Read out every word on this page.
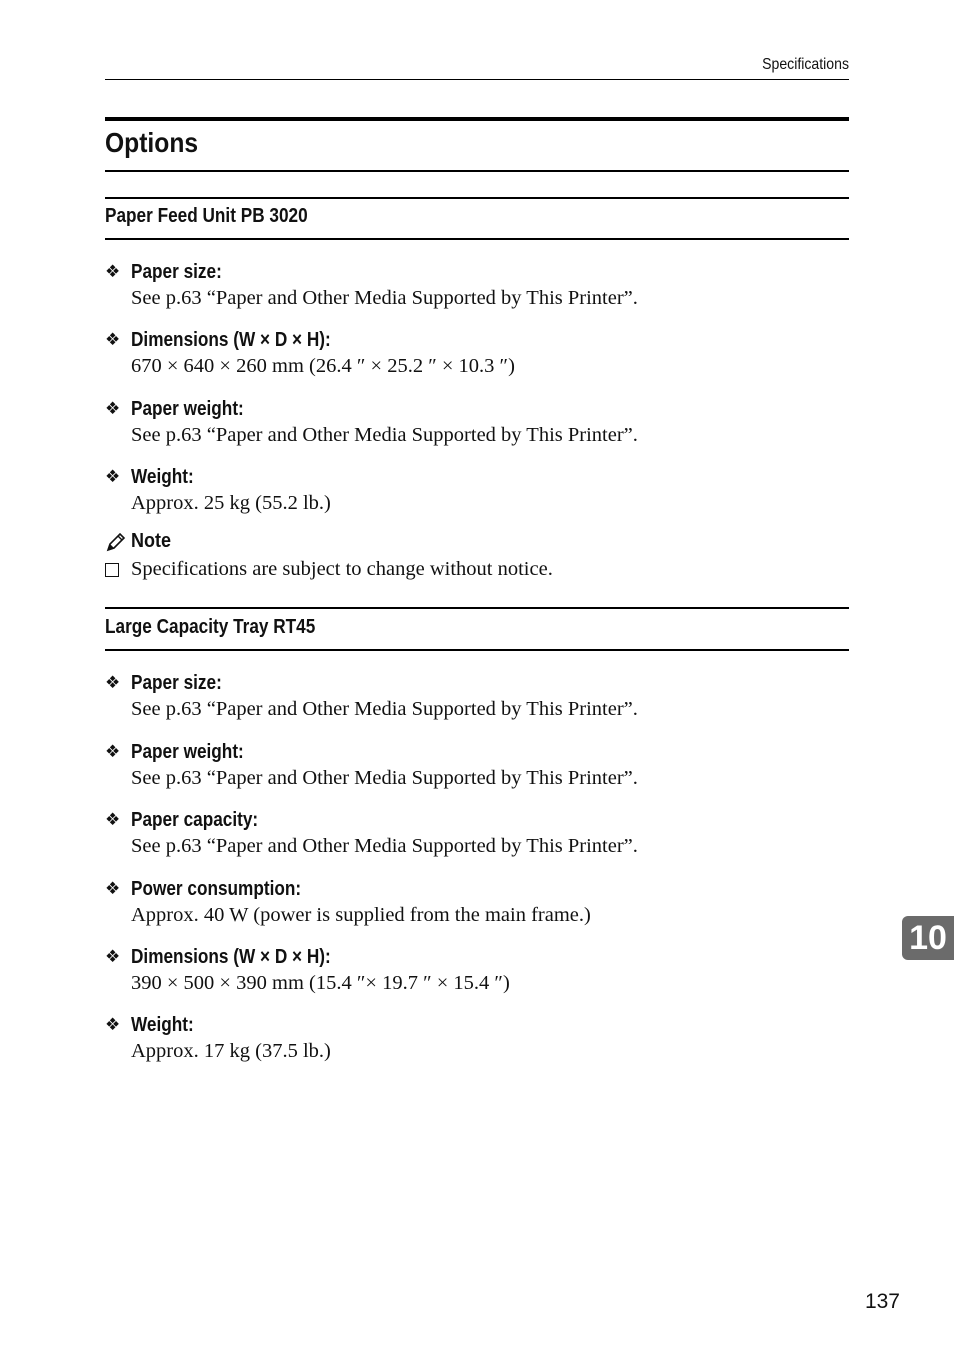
Specifications
Options
Paper Feed Unit PB 3020
❖ Paper size:
See p.63 “Paper and Other Media Supported by This Printer”.
❖ Dimensions (W × D × H):
670 × 640 × 260 mm (26.4 ″ × 25.2 ″ × 10.3 ″)
❖ Paper weight:
See p.63 “Paper and Other Media Supported by This Printer”.
❖ Weight:
Approx. 25 kg (55.2 lb.)
Note
Specifications are subject to change without notice.
Large Capacity Tray RT45
❖ Paper size:
See p.63 “Paper and Other Media Supported by This Printer”.
❖ Paper weight:
See p.63 “Paper and Other Media Supported by This Printer”.
❖ Paper capacity:
See p.63 “Paper and Other Media Supported by This Printer”.
❖ Power consumption:
Approx. 40 W (power is supplied from the main frame.)
❖ Dimensions (W × D × H):
390 × 500 × 390 mm (15.4 ″× 19.7 ″ × 15.4 ″)
❖ Weight:
Approx. 17 kg (37.5 lb.)
10
137
